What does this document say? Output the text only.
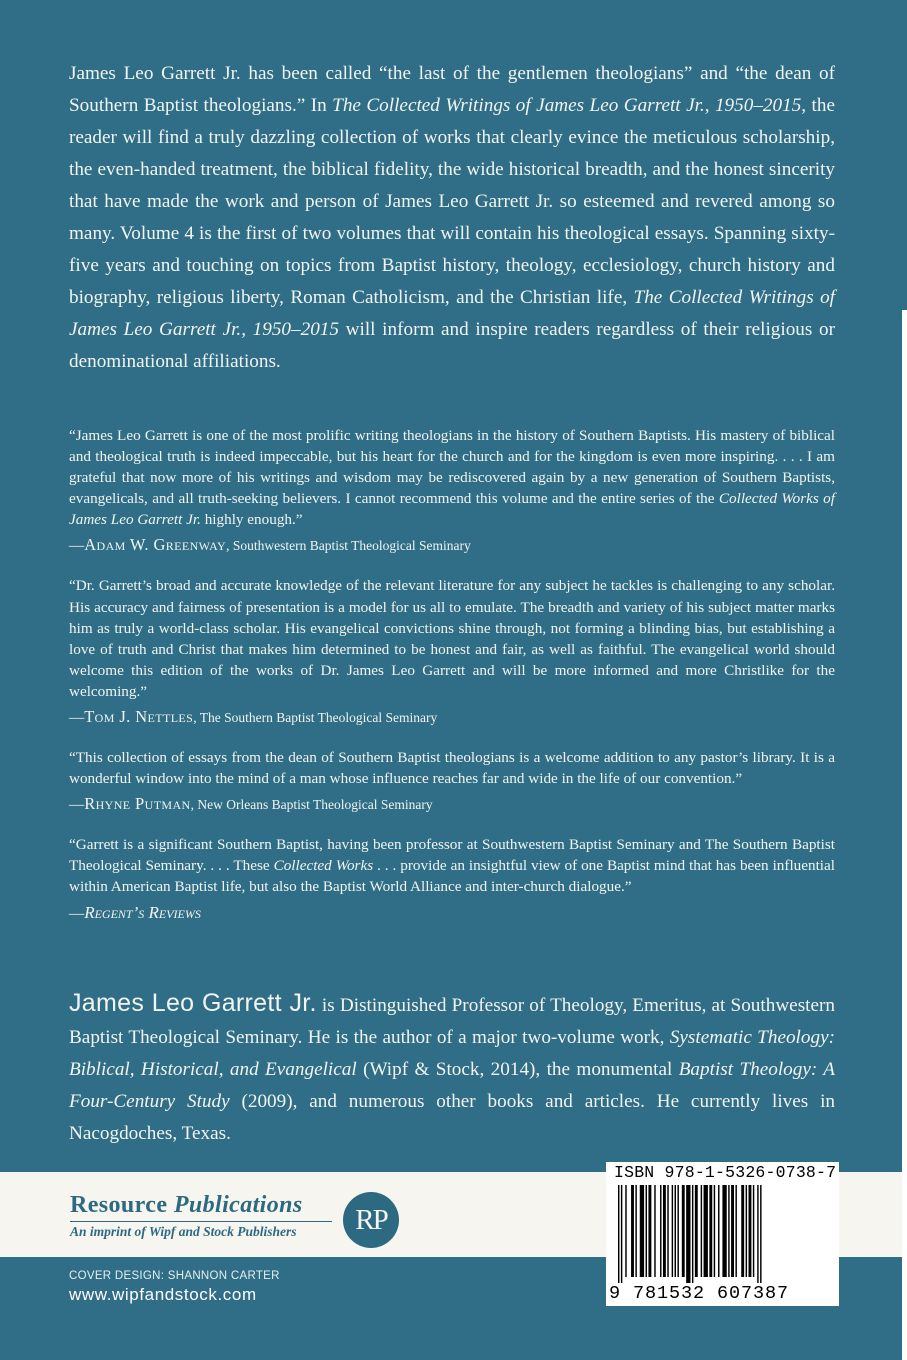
James Leo Garrett Jr. has been called “the last of the gentlemen theologians” and “the dean of Southern Baptist theologians.” In The Collected Writings of James Leo Garrett Jr., 1950–2015, the reader will find a truly dazzling collection of works that clearly evince the meticulous scholarship, the even-handed treatment, the biblical fidelity, the wide historical breadth, and the honest sincerity that have made the work and person of James Leo Garrett Jr. so esteemed and revered among so many. Volume 4 is the first of two volumes that will contain his theological essays. Spanning sixty-five years and touching on topics from Baptist history, theology, ecclesiology, church history and biography, religious liberty, Roman Catholicism, and the Christian life, The Collected Writings of James Leo Garrett Jr., 1950–2015 will inform and inspire readers regardless of their religious or denominational affiliations.

“James Leo Garrett is one of the most prolific writing theologians in the history of Southern Baptists. His mastery of biblical and theological truth is indeed impeccable, but his heart for the church and for the kingdom is even more inspiring. . . . I am grateful that now more of his writings and wisdom may be rediscovered again by a new generation of Southern Baptists, evangelicals, and all truth-seeking believers. I cannot recommend this volume and the entire series of the Collected Works of James Leo Garrett Jr. highly enough.”

—Adam W. Greenway, Southwestern Baptist Theological Seminary

“Dr. Garrett’s broad and accurate knowledge of the relevant literature for any subject he tackles is challenging to any scholar. His accuracy and fairness of presentation is a model for us all to emulate. The breadth and variety of his subject matter marks him as truly a world-class scholar. His evangelical convictions shine through, not forming a blinding bias, but establishing a love of truth and Christ that makes him determined to be honest and fair, as well as faithful. The evangelical world should welcome this edition of the works of Dr. James Leo Garrett and will be more informed and more Christlike for the welcoming.”

—Tom J. Nettles, The Southern Baptist Theological Seminary

“This collection of essays from the dean of Southern Baptist theologians is a welcome addition to any pastor’s library. It is a wonderful window into the mind of a man whose influence reaches far and wide in the life of our convention.”

—Rhyne Putman, New Orleans Baptist Theological Seminary

“Garrett is a significant Southern Baptist, having been professor at Southwestern Baptist Seminary and The Southern Baptist Theological Seminary. . . . These Collected Works . . . provide an insightful view of one Baptist mind that has been influential within American Baptist life, but also the Baptist World Alliance and inter-church dialogue.”

—Regent’s Reviews

James Leo Garrett Jr. is Distinguished Professor of Theology, Emeritus, at Southwestern Baptist Theological Seminary. He is the author of a major two-volume work, Systematic Theology: Biblical, Historical, and Evangelical (Wipf & Stock, 2014), the monumental Baptist Theology: A Four-Century Study (2009), and numerous other books and articles. He currently lives in Nacogdoches, Texas.

Resource Publications
An imprint of Wipf and Stock Publishers	RP
COVER DESIGN: SHANNON CARTER
www.wipfandstock.com
ISBN 978-1-5326-0738-7
9 781532 607387
